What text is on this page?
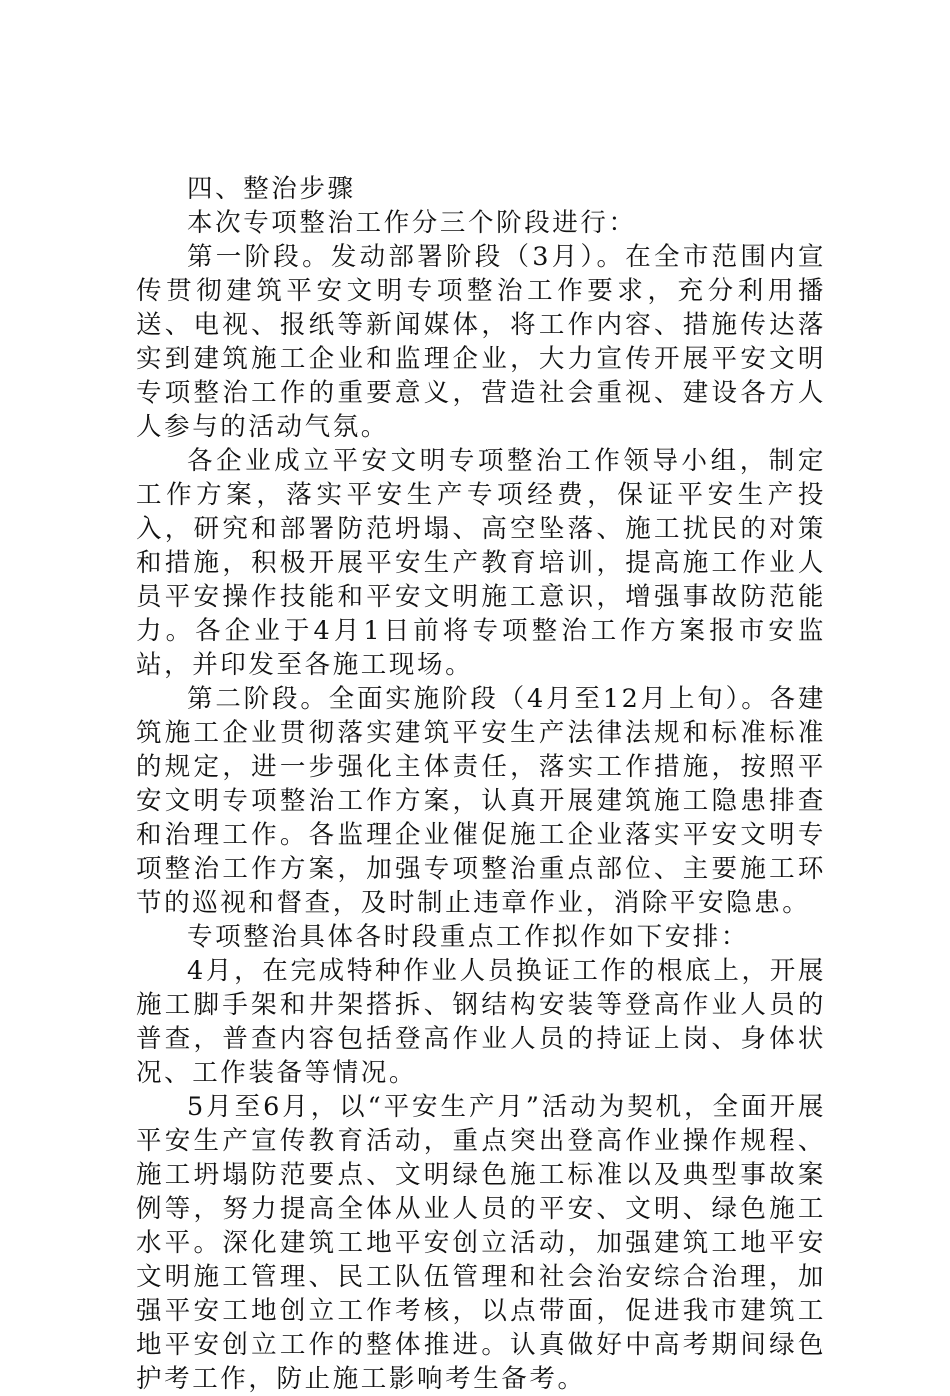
四、整治步骤

本次专项整治工作分三个阶段进行：

第一阶段。发动部署阶段（3月）。在全市范围内宣传贯彻建筑平安文明专项整治工作要求，充分利用播送、电视、报纸等新闻媒体，将工作内容、措施传达落实到建筑施工企业和监理企业，大力宣传开展平安文明专项整治工作的重要意义，营造社会重视、建设各方人人参与的活动气氛。

各企业成立平安文明专项整治工作领导小组，制定工作方案，落实平安生产专项经费，保证平安生产投入，研究和部署防范坍塌、高空坠落、施工扰民的对策和措施，积极开展平安生产教育培训，提高施工作业人员平安操作技能和平安文明施工意识，增强事故防范能力。各企业于4月1日前将专项整治工作方案报市安监站，并印发至各施工现场。

第二阶段。全面实施阶段（4月至12月上旬）。各建筑施工企业贯彻落实建筑平安生产法律法规和标准标准的规定，进一步强化主体责任，落实工作措施，按照平安文明专项整治工作方案，认真开展建筑施工隐患排查和治理工作。各监理企业催促施工企业落实平安文明专项整治工作方案，加强专项整治重点部位、主要施工环节的巡视和督查，及时制止违章作业，消除平安隐患。

专项整治具体各时段重点工作拟作如下安排：

4月，在完成特种作业人员换证工作的根底上，开展施工脚手架和井架搭拆、钢结构安装等登高作业人员的普查，普查内容包括登高作业人员的持证上岗、身体状况、工作装备等情况。

5月至6月，以“平安生产月”活动为契机，全面开展平安生产宣传教育活动，重点突出登高作业操作规程、施工坍塌防范要点、文明绿色施工标准以及典型事故案例等，努力提高全体从业人员的平安、文明、绿色施工水平。深化建筑工地平安创立活动，加强建筑工地平安文明施工管理、民工队伍管理和社会治安综合治理，加强平安工地创立工作考核，以点带面，促进我市建筑工地平安创立工作的整体推进。认真做好中高考期间绿色护考工作，防止施工影响考生备考。
